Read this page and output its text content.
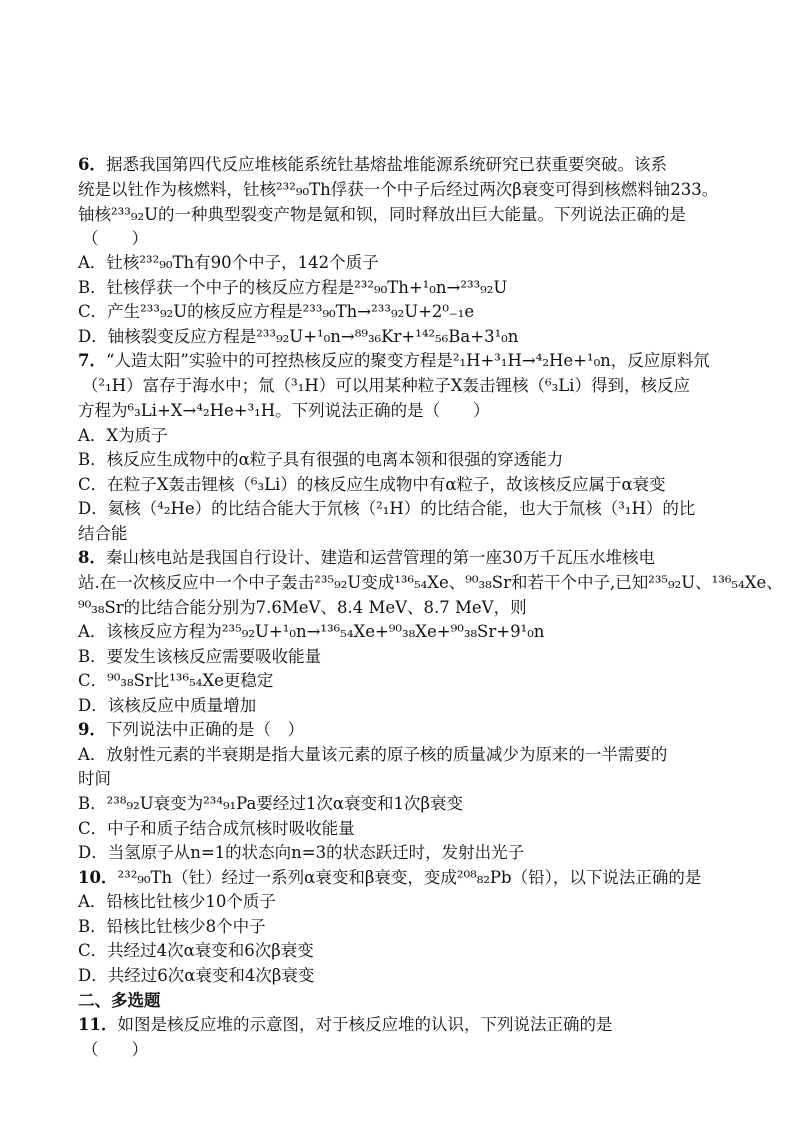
6．据悉我国第四代反应堆核能系统钍基熔盐堆能源系统研究已获重要突破。该系
统是以钍作为核燃料，钍核²³²₉₀Th俘获一个中子后经过两次β衰变可得到核燃料铀233。
铀核²³³₉₂U的一种典型裂变产物是氪和钡，同时释放出巨大能量。下列说法正确的是
（　　）
A．钍核²³²₉₀Th有90个中子，142个质子
B．钍核俘获一个中子的核反应方程是²³²₉₀Th+¹₀n→²³³₉₂U
C．产生²³³₉₂U的核反应方程是²³³₉₀Th→²³³₉₂U+2⁰₋₁e
D．铀核裂变反应方程是²³³₉₂U+¹₀n→⁸⁹₃₆Kr+¹⁴²₅₆Ba+3¹₀n
7．“人造太阳”实验中的可控热核反应的聚变方程是²₁H+³₁H→⁴₂He+¹₀n，反应原料氘
（²₁H）富存于海水中；氚（³₁H）可以用某种粒子X轰击锂核（⁶₃Li）得到，核反应
方程为⁶₃Li+X→⁴₂He+³₁H。下列说法正确的是（　　）
A．X为质子
B．核反应生成物中的α粒子具有很强的电离本领和很强的穿透能力
C．在粒子X轰击锂核（⁶₃Li）的核反应生成物中有α粒子，故该核反应属于α衰变
D．氦核（⁴₂He）的比结合能大于氘核（²₁H）的比结合能，也大于氚核（³₁H）的比
结合能
8．秦山核电站是我国自行设计、建造和运营管理的第一座30万千瓦压水堆核电
站.在一次核反应中一个中子轰击²³⁵₉₂U变成¹³⁶₅₄Xe、⁹⁰₃₈Sr和若干个中子,已知²³⁵₉₂U、¹³⁶₅₄Xe、
⁹⁰₃₈Sr的比结合能分别为7.6MeV、8.4 MeV、8.7 MeV，则
A．该核反应方程为²³⁵₉₂U+¹₀n→¹³⁶₅₄Xe+⁹⁰₃₈Xe+⁹⁰₃₈Sr+9¹₀n
B．要发生该核反应需要吸收能量
C．⁹⁰₃₈Sr比¹³⁶₅₄Xe更稳定
D．该核反应中质量增加
9．下列说法中正确的是（　）
A．放射性元素的半衰期是指大量该元素的原子核的质量减少为原来的一半需要的
时间
B．²³⁸₉₂U衰变为²³⁴₉₁Pa要经过1次α衰变和1次β衰变
C．中子和质子结合成氘核时吸收能量
D．当氢原子从n=1的状态向n=3的状态跃迁时，发射出光子
10．²³²₉₀Th（钍）经过一系列α衰变和β衰变，变成²⁰⁸₈₂Pb（铅），以下说法正确的是
A．铅核比钍核少10个质子
B．铅核比钍核少8个中子
C．共经过4次α衰变和6次β衰变
D．共经过6次α衰变和4次β衰变
二、多选题
11．如图是核反应堆的示意图，对于核反应堆的认识，下列说法正确的是
（　　）
